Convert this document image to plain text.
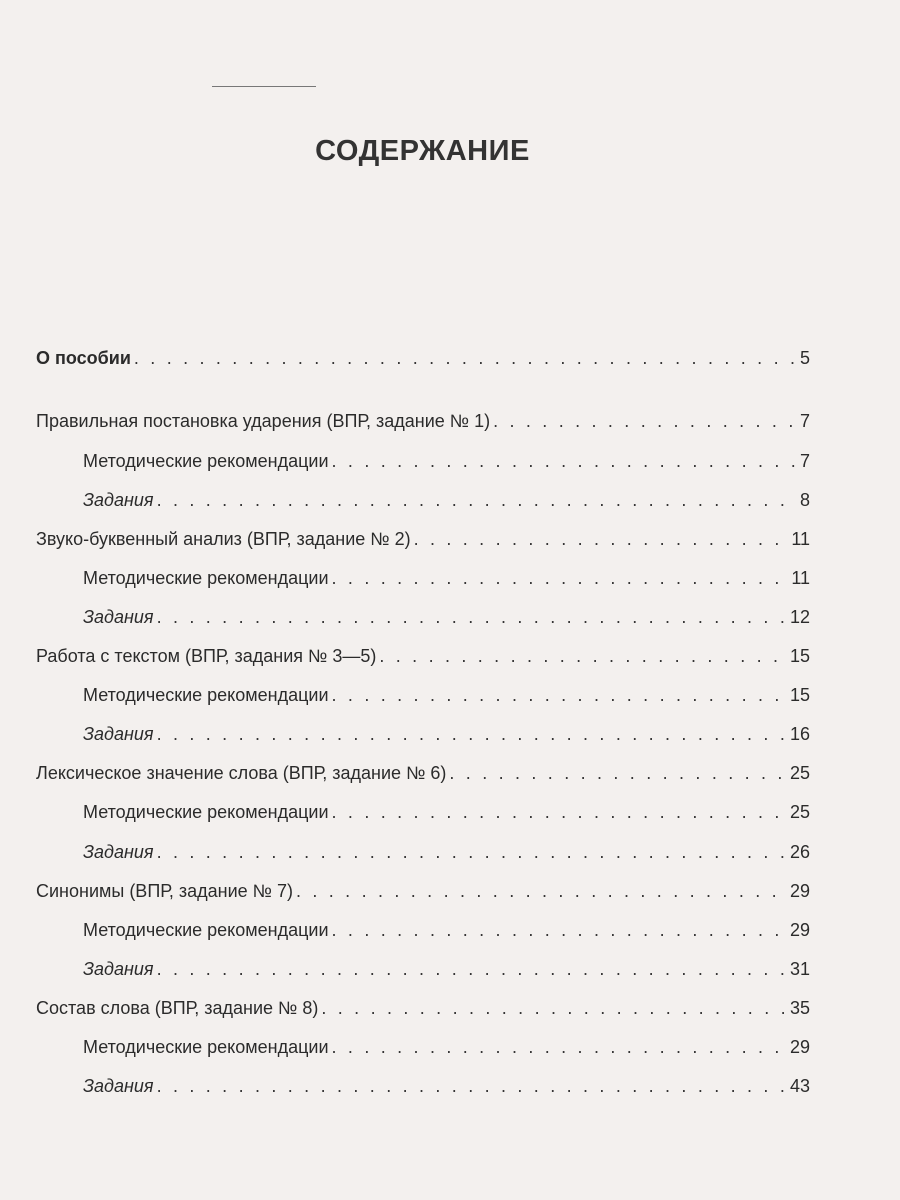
СОДЕРЖАНИЕ
О пособии . . .	5
Правильная постановка ударения (ВПР, задание № 1) . . .	7
Методические рекомендации . . .	7
Задания . . .	8
Звуко-буквенный анализ (ВПР, задание № 2) . . .	11
Методические рекомендации . . .	11
Задания . . .	12
Работа с текстом (ВПР, задания № 3—5) . . .	15
Методические рекомендации . . .	15
Задания . . .	16
Лексическое значение слова (ВПР, задание № 6) . . .	25
Методические рекомендации . . .	25
Задания . . .	26
Синонимы (ВПР, задание № 7) . . .	29
Методические рекомендации . . .	29
Задания . . .	31
Состав слова (ВПР, задание № 8) . . .	35
Методические рекомендации . . .	29
Задания . . .	43
